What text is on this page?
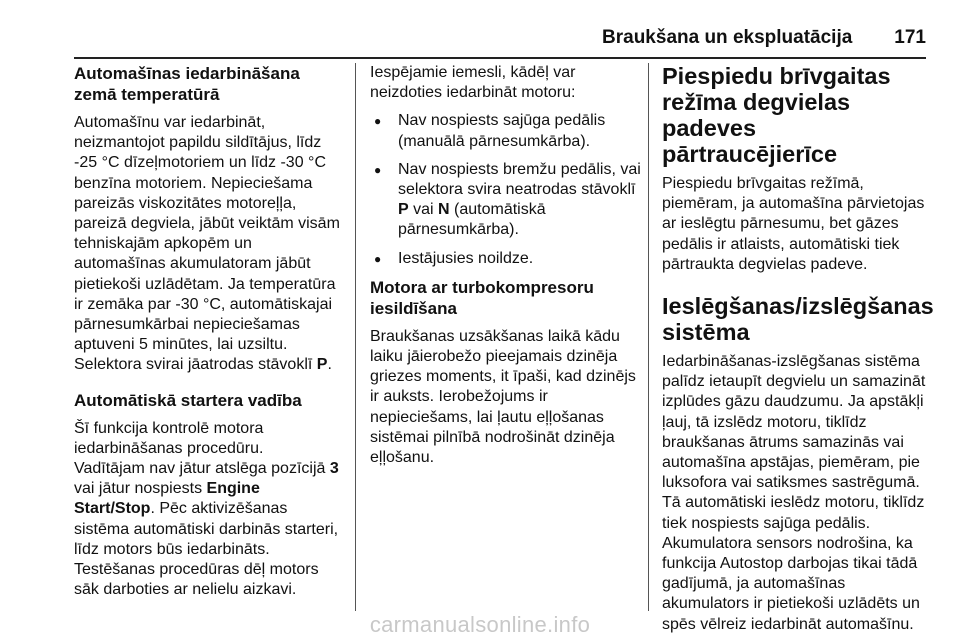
Braukšana un ekspluatācija 171
Automašīnas iedarbināšana zemā temperatūrā

Automašīnu var iedarbināt, neizmantojot papildu sildītājus, līdz -25 °C dīzeļmotoriem un līdz -30 °C benzīna motoriem. Nepieciešama pareizās viskozitātes motoreļļa, pareizā degviela, jābūt veiktām visām tehniskajām apkopēm un automašīnas akumulatoram jābūt pietiekoši uzlādētam. Ja temperatūra ir zemāka par -30 °C, automātiskajai pārnesumkārbai nepieciešamas aptuveni 5 minūtes, lai uzsiltu. Selektora svirai jāatrodas stāvoklī P.

Automātiskā startera vadība

Šī funkcija kontrolē motora iedarbināšanas procedūru.

Vadītājam nav jātur atslēga pozīcijā 3 vai jātur nospiests Engine Start/Stop. Pēc aktivizēšanas sistēma automātiski darbinās starteri, līdz motors būs iedarbināts. Testēšanas procedūras dēļ motors sāk darboties ar nelielu aizkavi.

Iespējamie iemesli, kādēļ var neizdoties iedarbināt motoru:

● Nav nospiests sajūga pedālis (manuālā pārnesumkārba).
● Nav nospiests bremžu pedālis, vai selektora svira neatrodas stāvoklī P vai N (automātiskā pārnesumkārba).
● Iestājusies noildze.
Motora ar turbokompresoru iesildīšana

Braukšanas uzsākšanas laikā kādu laiku jāierobežo pieejamais dzinēja griezes moments, it īpaši, kad dzinējs ir auksts. Ierobežojums ir nepieciešams, lai ļautu eļļošanas sistēmai pilnībā nodrošināt dzinēja eļļošanu.

Piespiedu brīvgaitas režīma degvielas padeves pārtraucējierīce

Piespiedu brīvgaitas režīmā, piemēram, ja automašīna pārvietojas ar ieslēgtu pārnesumu, bet gāzes pedālis ir atlaists, automātiski tiek pārtraukta degvielas padeve.

Ieslēgšanas/izslēgšanas sistēma

Iedarbināšanas-izslēgšanas sistēma palīdz ietaupīt degvielu un samazināt izplūdes gāzu daudzumu. Ja apstākļi ļauj, tā izslēdz motoru, tiklīdz braukšanas ātrums samazinās vai automašīna apstājas, piemēram, pie luksofora vai satiksmes sastrēgumā. Tā automātiski ieslēdz motoru, tiklīdz tiek nospiests sajūga pedālis.

Akumulatora sensors nodrošina, ka funkcija Autostop darbojas tikai tādā gadījumā, ja automašīnas akumulators ir pietiekoši uzlādēts un spēs vēlreiz iedarbināt automašīnu.

carmanualsonline.info
